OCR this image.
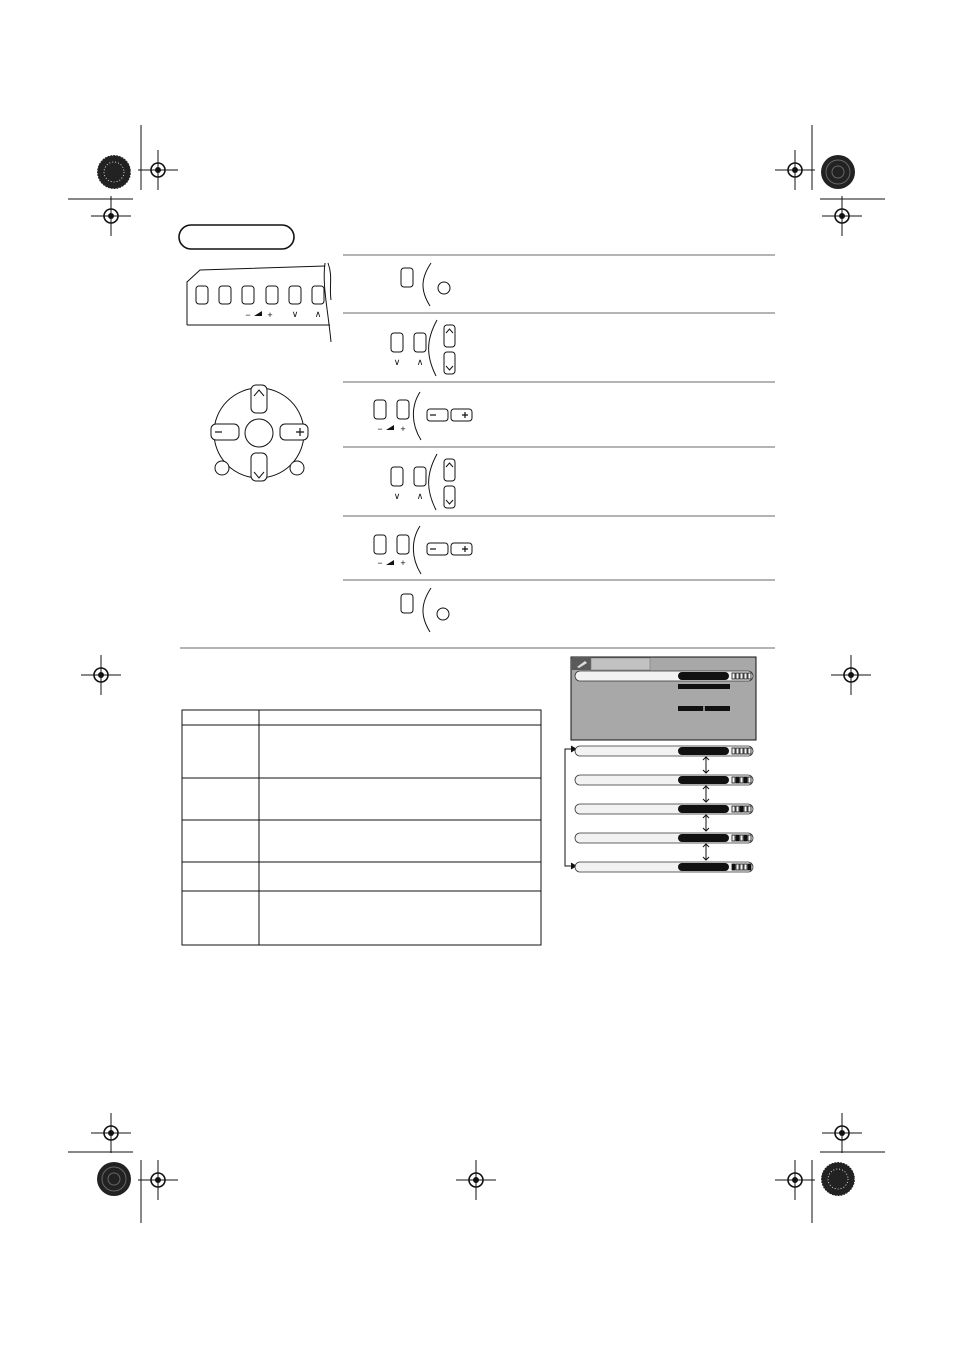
− + ∨ ∧
∨ ∧
− +
∨ ∧
− +
